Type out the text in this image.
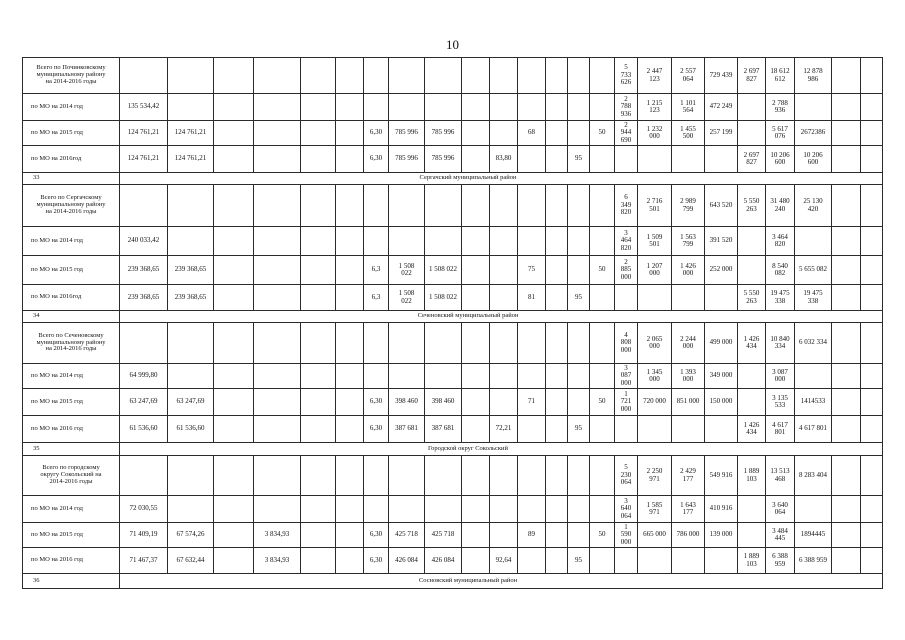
10
Всего по Починковскому муниципальному району на 2014-2016 годы																5 733 626	2 447 123	2 557 064	729 439	2 697 827	18 612 612	12 878 986		
по МО на 2014 год	135 534,42															2 788 936	1 215 123	1 101 564	472 249		2 788 936			
по МО на 2015 год	124 761,21	124 761,21					6,30	785 996	785 996			68			50	2 944 690	1 232 000	1 455 500	257 199		5 617 076	2672386		
по МО на 2016год	124 761,21	124 761,21					6,30	785 996	785 996		83,80			95						2 697 827	10 206 600	10 206 600		
33	Сергачский муниципальный район																							
Всего по Сергачскому муниципальному району на 2014-2016 годы																6 349 820	2 716 501	2 989 799	643 520	5 550 263	31 480 240	25 130 420		
по МО на 2014 год	240 033,42															3 464 820	1 509 501	1 563 799	391 520		3 464 820			
по МО на 2015 год	239 368,65	239 368,65					6,3	1 508 022	1 508 022			75			50	2 885 000	1 207 000	1 426 000	252 000		8 540 082	5 655 082		
по МО на 2016год	239 368,65	239 368,65					6,3	1 508 022	1 508 022			81		95						5 550 263	19 475 338	19 475 338		
34	Сеченовский муниципальный район																							
Всего по Сеченовскому муниципальному району на 2014-2016 годы																4 808 000	2 065 000	2 244 000	499 000	1 426 434	10 840 334	6 032 334		
по МО на 2014 год	64 999,80															3 087 000	1 345 000	1 393 000	349 000		3 087 000			
по МО на 2015 год	63 247,69	63 247,69					6,30	398 460	398 460			71			50	1 721 000	720 000	851 000	150 000		3 135 533	1414533		
по МО на 2016 год	61 536,60	61 536,60					6,30	387 681	387 681		72,21			95						1 426 434	4 617 801	4 617 801		
35	Городской округ Сокольский																							
Всего по городскому округу Сокольский на 2014-2016 годы																5 230 064	2 250 971	2 429 177	549 916	1 889 103	13 513 468	8 283 404		
по МО на 2014 год	72 030,55															3 640 064	1 585 971	1 643 177	410 916		3 640 064			
по МО на 2015 год	71 409,19	67 574,26		3 834,93			6,30	425 718	425 718			89			50	1 590 000	665 000	786 000	139 000		3 484 445	1894445		
по МО на 2016 год	71 467,37	67 632,44		3 834,93			6,30	426 084	426 084		92,64			95						1 889 103	6 388 959	6 388 959		
36	Сосновский муниципальный район																							
